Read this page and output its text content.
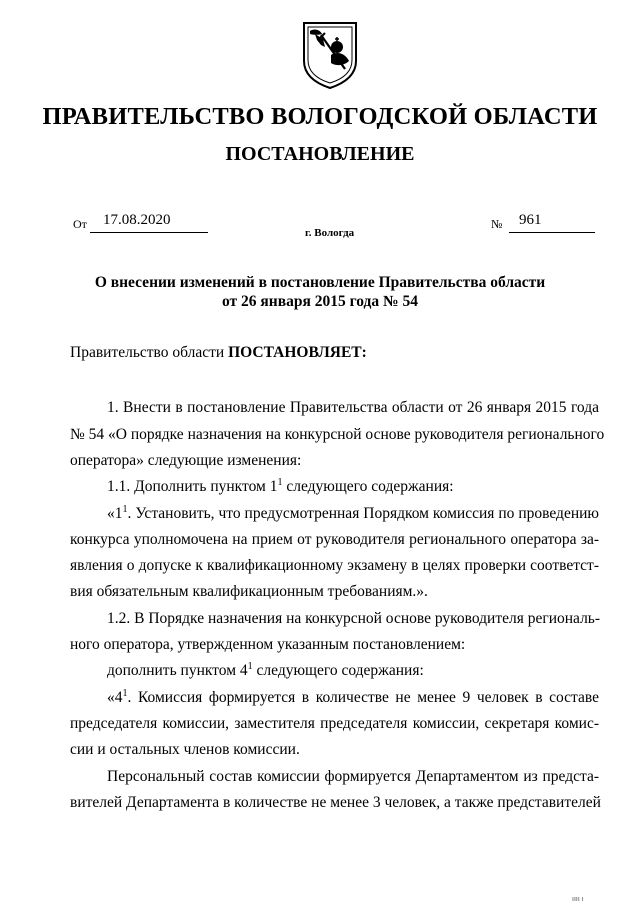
ПРАВИТЕЛЬСТВО ВОЛОГОДСКОЙ ОБЛАСТИ
ПОСТАНОВЛЕНИЕ
От 17.08.2020	№ 961
г. Вологда
О внесении изменений в постановление Правительства области
от 26 января 2015 года № 54
Правительство области ПОСТАНОВЛЯЕТ:
1. Внести в постановление Правительства области от 26 января 2015 года
№ 54 «О порядке назначения на конкурсной основе руководителя регионального
оператора» следующие изменения:
1.1. Дополнить пунктом $1^1$ следующего содержания:
«$1^1$. Установить, что предусмотренная Порядком комиссия по проведению
конкурса уполномочена на прием от руководителя регионального оператора за-
явления о допуске к квалификационному экзамену в целях проверки соответст-
вия обязательным квалификационным требованиям.».
1.2. В Порядке назначения на конкурсной основе руководителя региональ-
ного оператора, утвержденном указанным постановлением:
дополнить пунктом $4^1$ следующего содержания:
«$4^1$. Комиссия формируется в количестве не менее 9 человек в составе
председателя комиссии, заместителя председателя комиссии, секретаря комис-
сии и остальных членов комиссии.
Персональный состав комиссии формируется Департаментом из предста-
вителей Департамента в количестве не менее 3 человек, а также представителей
ıııı ı
